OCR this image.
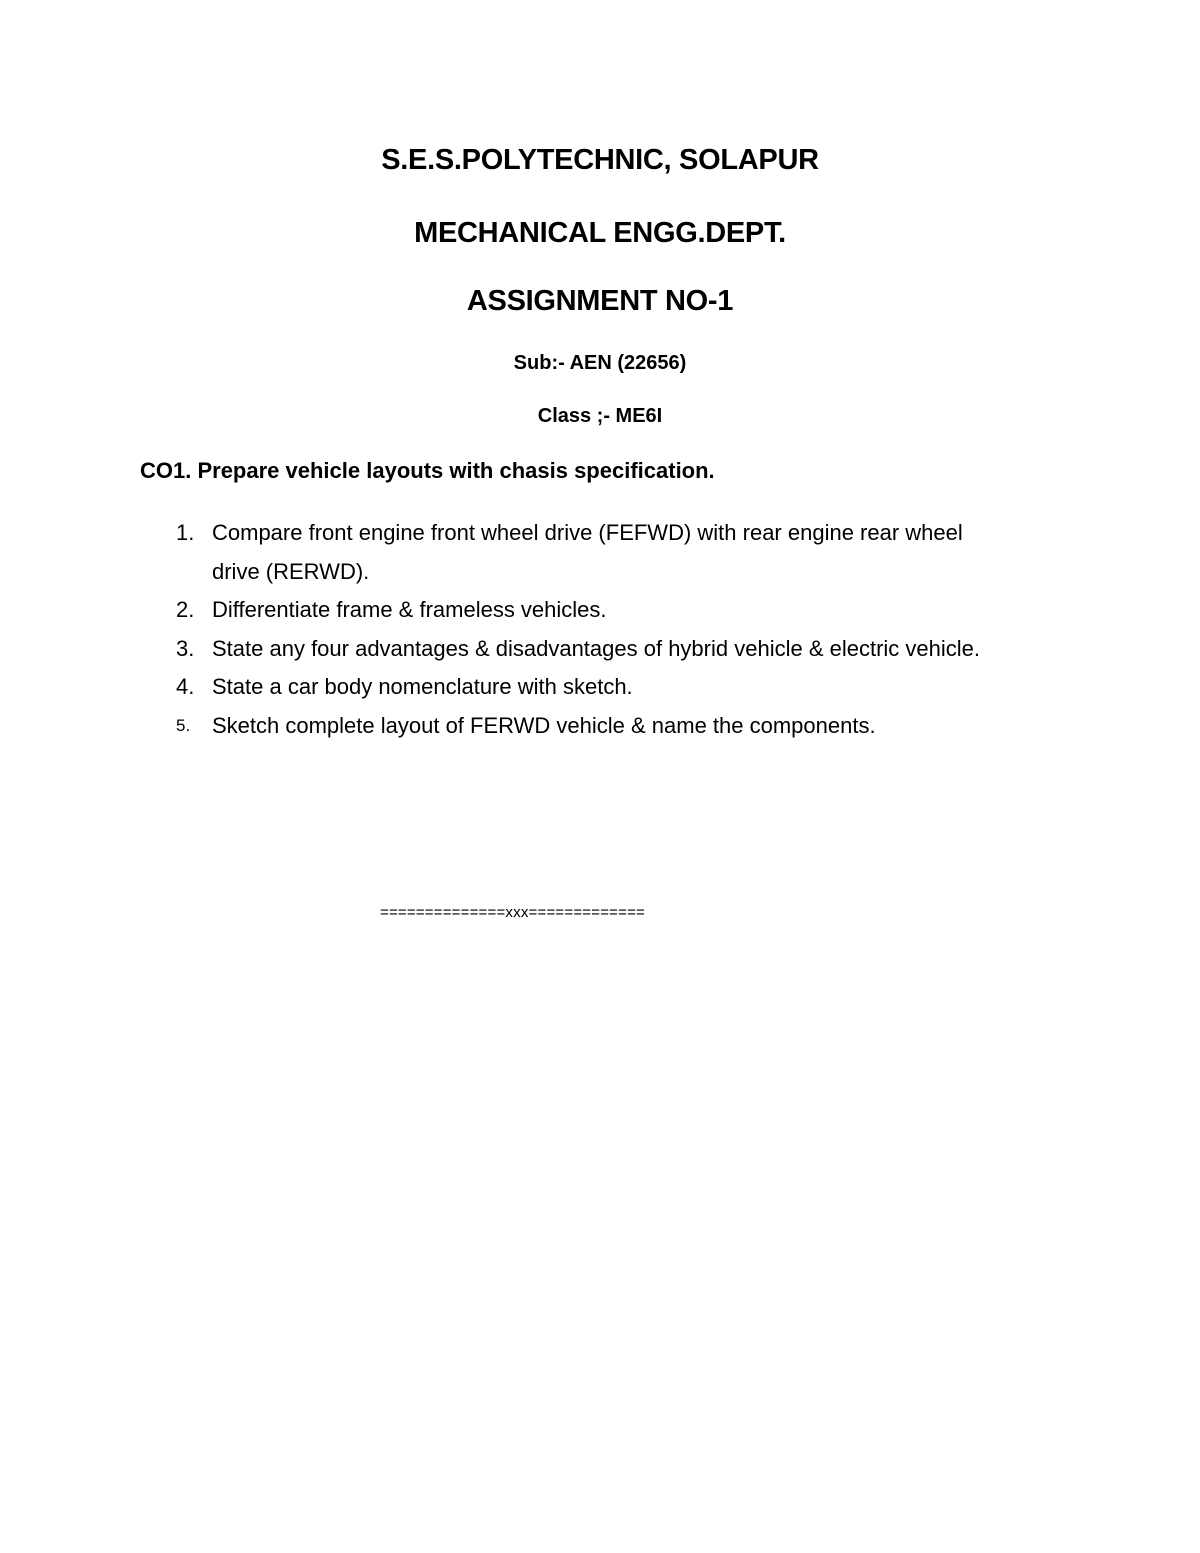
S.E.S.POLYTECHNIC, SOLAPUR
MECHANICAL ENGG.DEPT.
ASSIGNMENT NO-1
Sub:- AEN (22656)
Class ;- ME6I
CO1. Prepare vehicle layouts with chasis specification.
1. Compare front engine front wheel drive (FEFWD) with rear engine rear wheel drive (RERWD).
2. Differentiate frame & frameless vehicles.
3. State any four advantages & disadvantages of hybrid vehicle & electric vehicle.
4. State a car body nomenclature with sketch.
5. Sketch complete layout of FERWD vehicle & name the components.
==============xxx=============
